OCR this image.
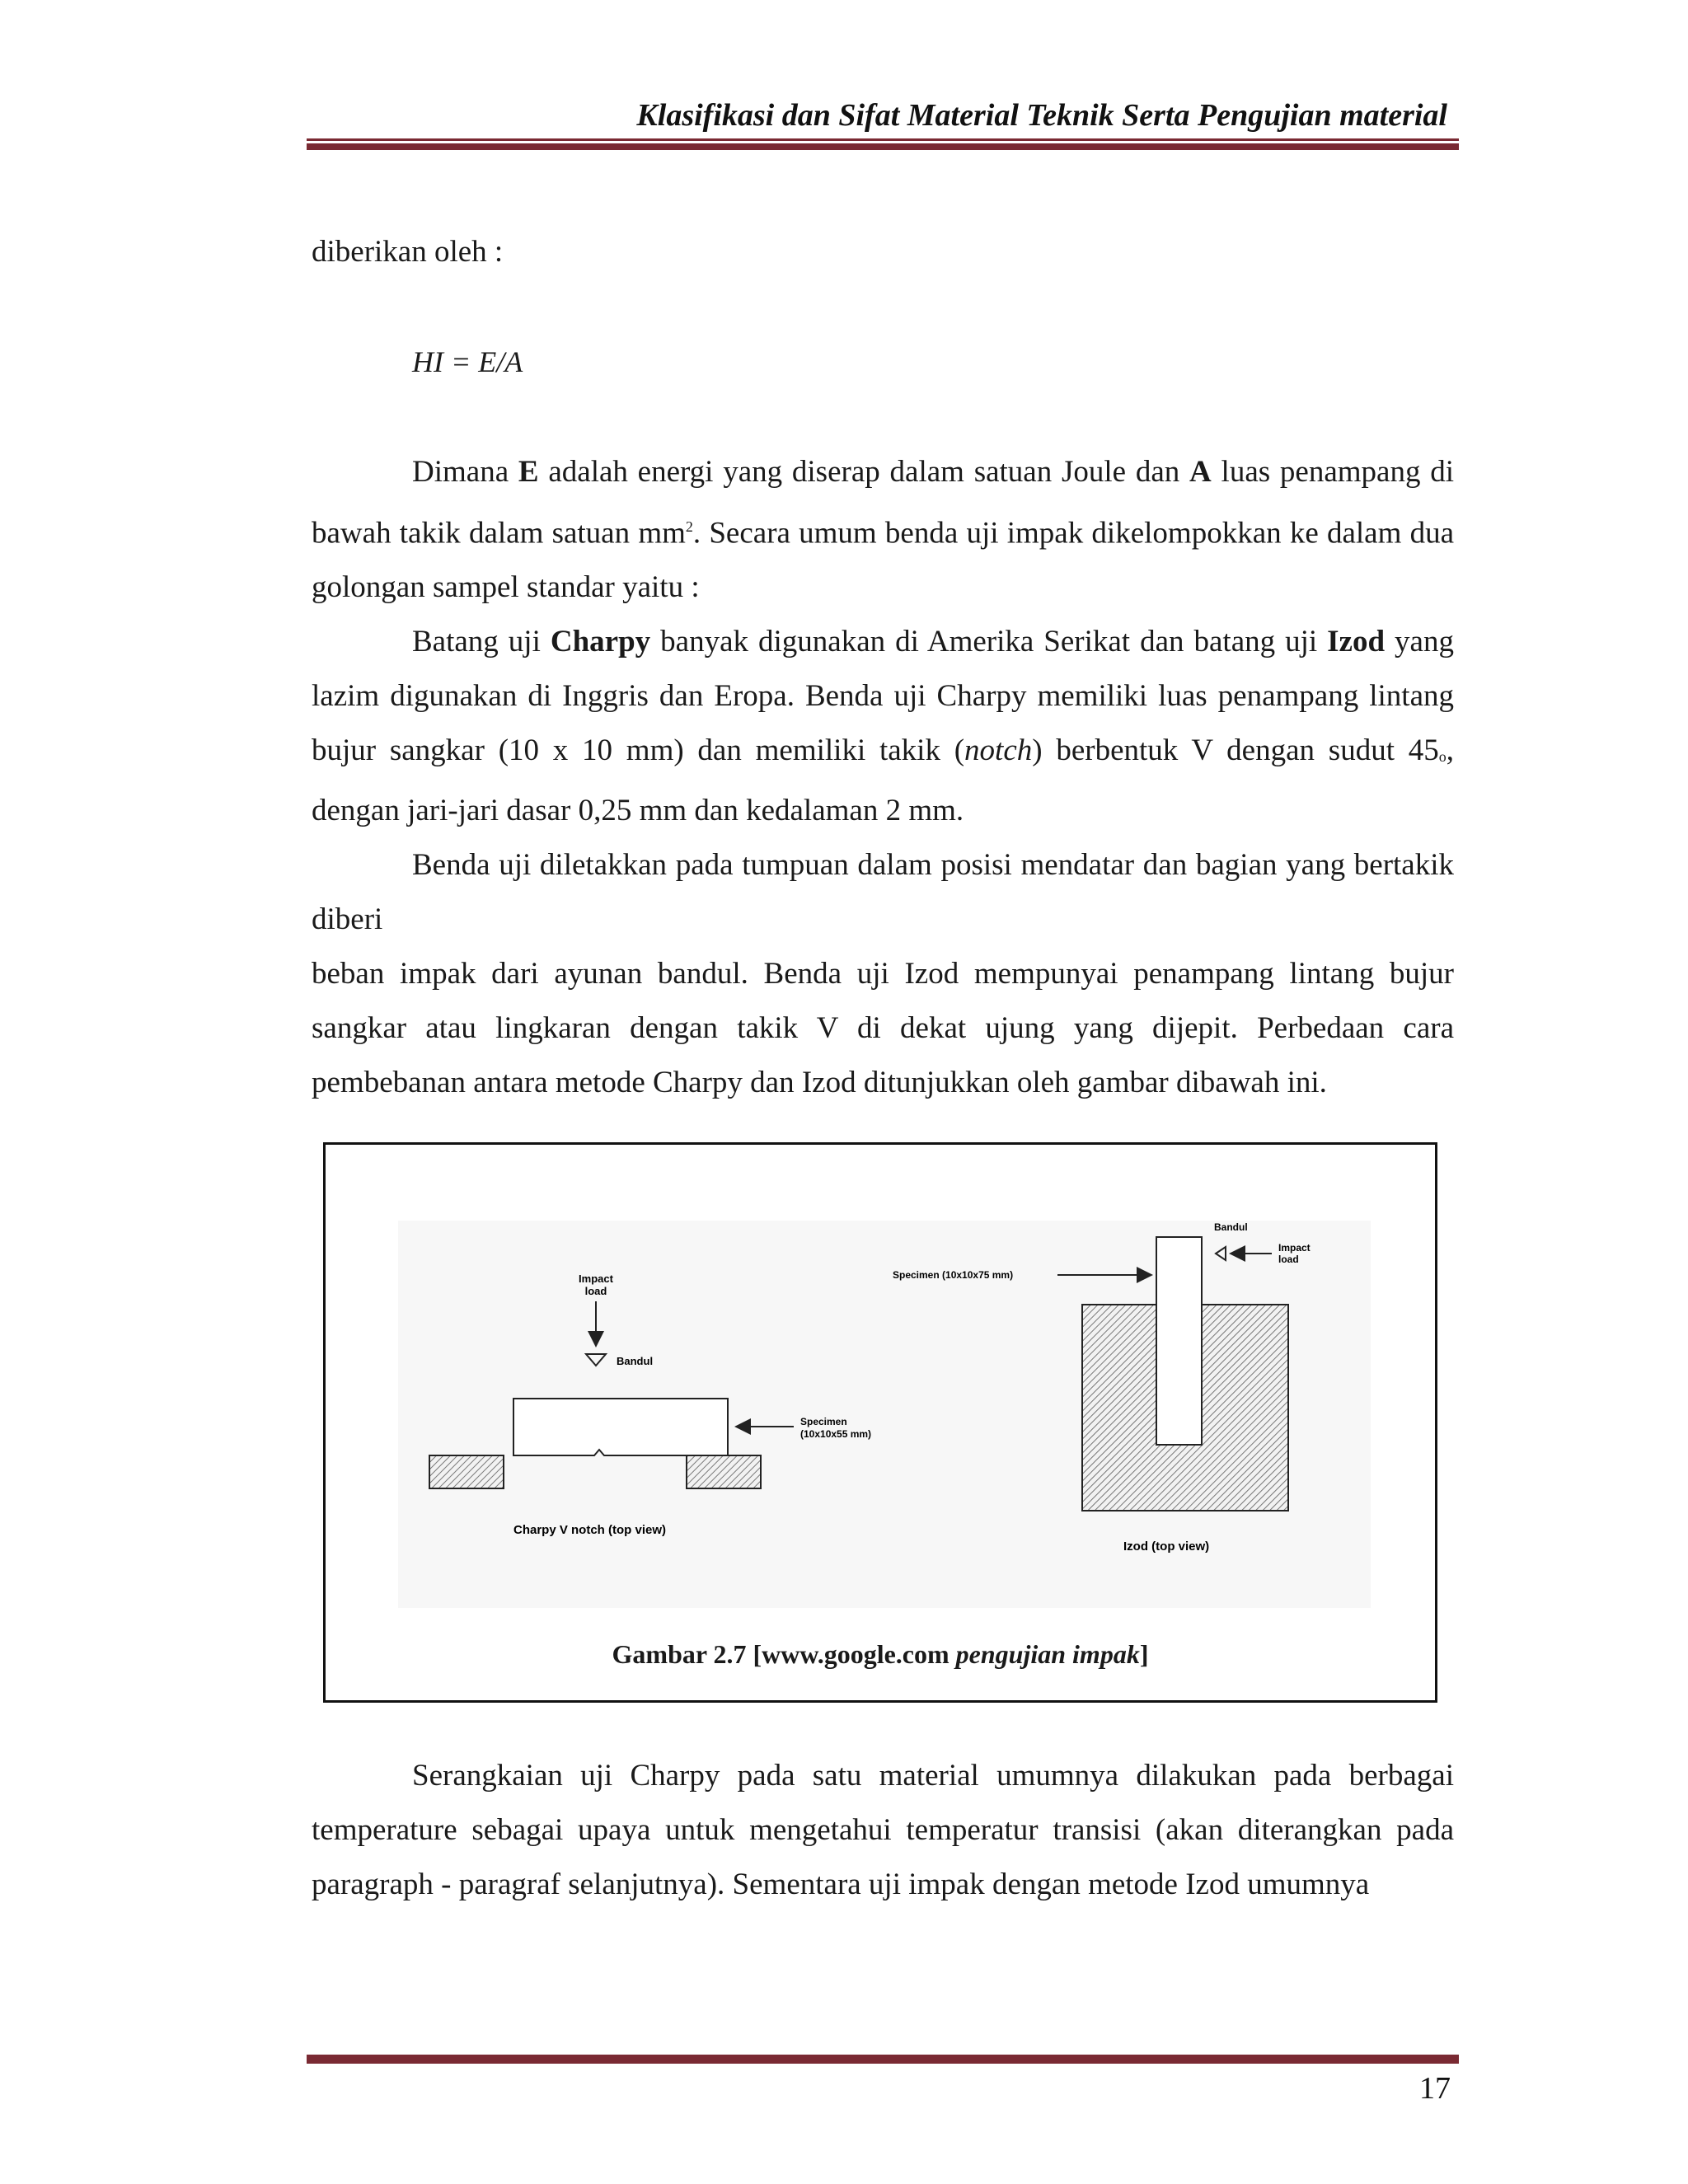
Klasifikasi dan Sifat Material Teknik Serta Pengujian material
diberikan oleh :
HI = E/A

Dimana E adalah energi yang diserap dalam satuan Joule dan A luas penampang di bawah takik dalam satuan $mm^2$. Secara umum benda uji impak dikelompokkan ke dalam dua golongan sampel standar yaitu :

Batang uji Charpy banyak digunakan di Amerika Serikat dan batang uji Izod yang lazim digunakan di Inggris dan Eropa. Benda uji Charpy memiliki luas penampang lintang bujur sangkar (10 x 10 mm) dan memiliki takik (notch) berbentuk V dengan sudut $45_o$, dengan jari-jari dasar 0,25 mm dan kedalaman 2 mm.

Benda uji diletakkan pada tumpuan dalam posisi mendatar dan bagian yang bertakik diberi

beban impak dari ayunan bandul. Benda uji Izod mempunyai penampang lintang bujur sangkar atau lingkaran dengan takik V di dekat ujung yang dijepit. Perbedaan cara pembebanan antara metode Charpy dan Izod ditunjukkan oleh gambar dibawah ini.

Impact
load
Bandul
Specimen
(10x10x55 mm)
Charpy V notch (top view)
Bandul
Impact
load
Specimen (10x10x75 mm)
Izod (top view)
Gambar 2.7 [www.google.com pengujian impak]

Serangkaian uji Charpy pada satu material umumnya dilakukan pada berbagai temperature sebagai upaya untuk mengetahui temperatur transisi (akan diterangkan pada paragraph - paragraf selanjutnya). Sementara uji impak dengan metode Izod umumnya

17
